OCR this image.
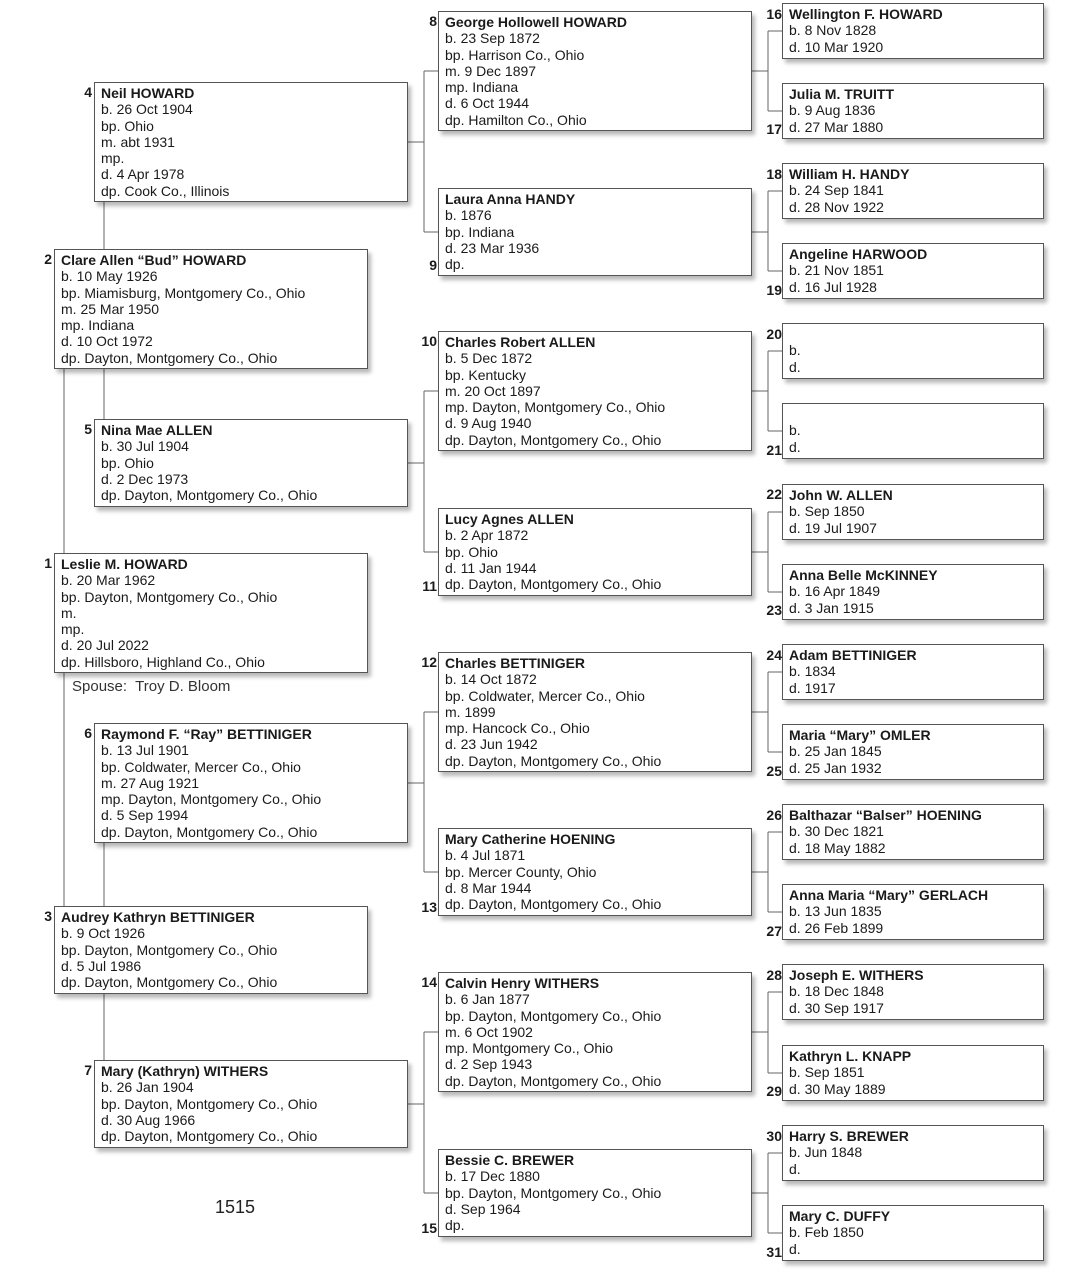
Spouse: Troy D. Bloom
1515
1 Leslie M. HOWARD
b. 20 Mar 1962
bp. Dayton, Montgomery Co., Ohio
m.
mp.
d. 20 Jul 2022
dp. Hillsboro, Highland Co., Ohio
2 Clare Allen “Bud” HOWARD
b. 10 May 1926
bp. Miamisburg, Montgomery Co., Ohio
m. 25 Mar 1950
mp. Indiana
d. 10 Oct 1972
dp. Dayton, Montgomery Co., Ohio
3 Audrey Kathryn BETTINIGER
b. 9 Oct 1926
bp. Dayton, Montgomery Co., Ohio
d. 5 Jul 1986
dp. Dayton, Montgomery Co., Ohio
4 Neil HOWARD
b. 26 Oct 1904
bp. Ohio
m. abt 1931
mp.
d. 4 Apr 1978
dp. Cook Co., Illinois
5 Nina Mae ALLEN
b. 30 Jul 1904
bp. Ohio
d. 2 Dec 1973
dp. Dayton, Montgomery Co., Ohio
6 Raymond F. “Ray” BETTINIGER
b. 13 Jul 1901
bp. Coldwater, Mercer Co., Ohio
m. 27 Aug 1921
mp. Dayton, Montgomery Co., Ohio
d. 5 Sep 1994
dp. Dayton, Montgomery Co., Ohio
7 Mary (Kathryn) WITHERS
b. 26 Jan 1904
bp. Dayton, Montgomery Co., Ohio
d. 30 Aug 1966
dp. Dayton, Montgomery Co., Ohio
8 George Hollowell HOWARD
b. 23 Sep 1872
bp. Harrison Co., Ohio
m. 9 Dec 1897
mp. Indiana
d. 6 Oct 1944
dp. Hamilton Co., Ohio
9
Laura Anna HANDY
b. 1876
bp. Indiana
d. 23 Mar 1936
dp.
10 Charles Robert ALLEN
b. 5 Dec 1872
bp. Kentucky
m. 20 Oct 1897
mp. Dayton, Montgomery Co., Ohio
d. 9 Aug 1940
dp. Dayton, Montgomery Co., Ohio
11
Lucy Agnes ALLEN
b. 2 Apr 1872
bp. Ohio
d. 11 Jan 1944
dp. Dayton, Montgomery Co., Ohio
12 Charles BETTINIGER
b. 14 Oct 1872
bp. Coldwater, Mercer Co., Ohio
m. 1899
mp. Hancock Co., Ohio
d. 23 Jun 1942
dp. Dayton, Montgomery Co., Ohio
13
Mary Catherine HOENING
b. 4 Jul 1871
bp. Mercer County, Ohio
d. 8 Mar 1944
dp. Dayton, Montgomery Co., Ohio
14 Calvin Henry WITHERS
b. 6 Jan 1877
bp. Dayton, Montgomery Co., Ohio
m. 6 Oct 1902
mp. Montgomery Co., Ohio
d. 2 Sep 1943
dp. Dayton, Montgomery Co., Ohio
15
Bessie C. BREWER
b. 17 Dec 1880
bp. Dayton, Montgomery Co., Ohio
d. Sep 1964
dp.
16 Wellington F. HOWARD
b. 8 Nov 1828
d. 10 Mar 1920
17
Julia M. TRUITT
b. 9 Aug 1836
d. 27 Mar 1880
18 William H. HANDY
b. 24 Sep 1841
d. 28 Nov 1922
19
Angeline HARWOOD
b. 21 Nov 1851
d. 16 Jul 1928
20

b.
d.
21

b.
d.
22 John W. ALLEN
b. Sep 1850
d. 19 Jul 1907
23
Anna Belle McKINNEY
b. 16 Apr 1849
d. 3 Jan 1915
24 Adam BETTINIGER
b. 1834
d. 1917
25
Maria “Mary” OMLER
b. 25 Jan 1845
d. 25 Jan 1932
26 Balthazar “Balser” HOENING
b. 30 Dec 1821
d. 18 May 1882
27
Anna Maria “Mary” GERLACH
b. 13 Jun 1835
d. 26 Feb 1899
28 Joseph E. WITHERS
b. 18 Dec 1848
d. 30 Sep 1917
29
Kathryn L. KNAPP
b. Sep 1851
d. 30 May 1889
30 Harry S. BREWER
b. Jun 1848
d.
31
Mary C. DUFFY
b. Feb 1850
d.
